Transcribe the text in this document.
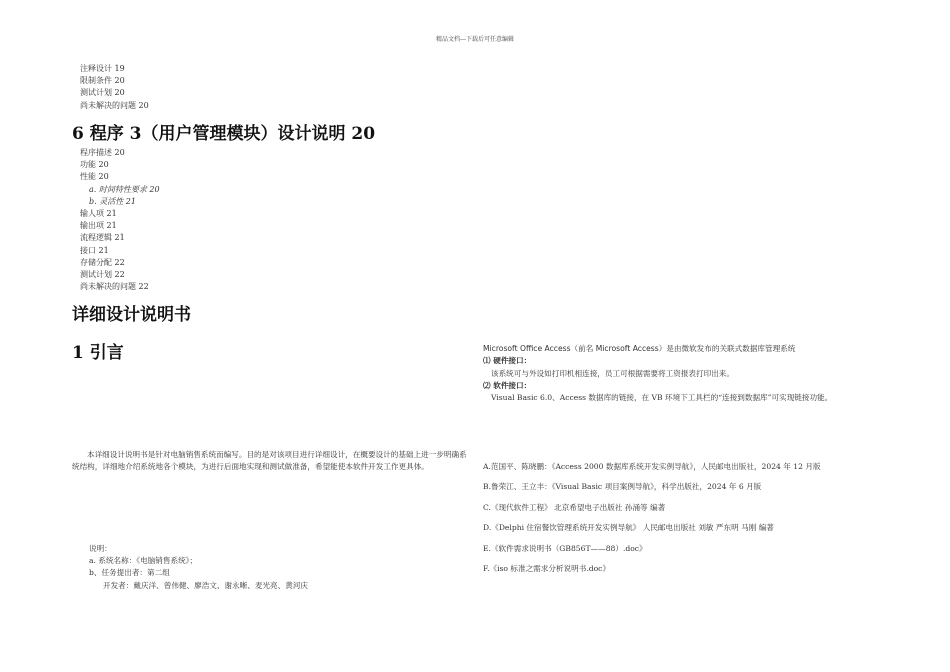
精品文档---下载后可任意编辑
注释设计 19
限制条件 20
测试计划 20
尚未解决的问题 20
6 程序 3（用户管理模块）设计说明 20
程序描述 20
功能 20
性能 20
a. 时间特性要求 20
b. 灵活性 21
输人项 21
输出项 21
流程逻辑 21
接口 21
存储分配 22
测试计划 22
尚未解决的问题 22
详细设计说明书
1 引言
本详细设计说明书是针对电脑销售系统而编写。目的是对该项目进行详细设计，在概要设计的基础上进一步明确系统结构，详细地介绍系统地各个模块，为进行后面地实现和测试做准备，希望能使本软件开发工作更具体。
说明：
a. 系统名称：《电脑销售系统》；
b、任务提出者：第二组
开发者：戴庆洋、曾伟健、廖浩文、谢永晰、麦光亮、黄河庆
Microsoft Office Access（前名 Microsoft Access）是由微软发布的关联式数据库管理系统
⑴ 硬件接口：
该系统可与外设如打印机相连接，员工可根据需要将工资报表打印出来。
⑵ 软件接口：
Visual Basic 6.0、Access 数据库的链接，在 VB 环境下工具栏的“连接到数据库”可实现链接功能。
A.范国平、陈晓鹏：《Access 2000 数据库系统开发实例导航》，人民邮电出版社，2024 年 12 月版
B.鲁荣江、王立丰：《Visual Basic 项目案例导航》，科学出版社，2024 年 6 月版
C.《现代软件工程》 北京希望电子出版社 孙涌等 编著
D.《Delphi 住宿餐饮管理系统开发实例导航》 人民邮电出版社 刘敏 严东明 马刚 编著
E.《软件需求说明书（GB856T——88）.doc》
F.《iso 标准之需求分析说明书.doc》
